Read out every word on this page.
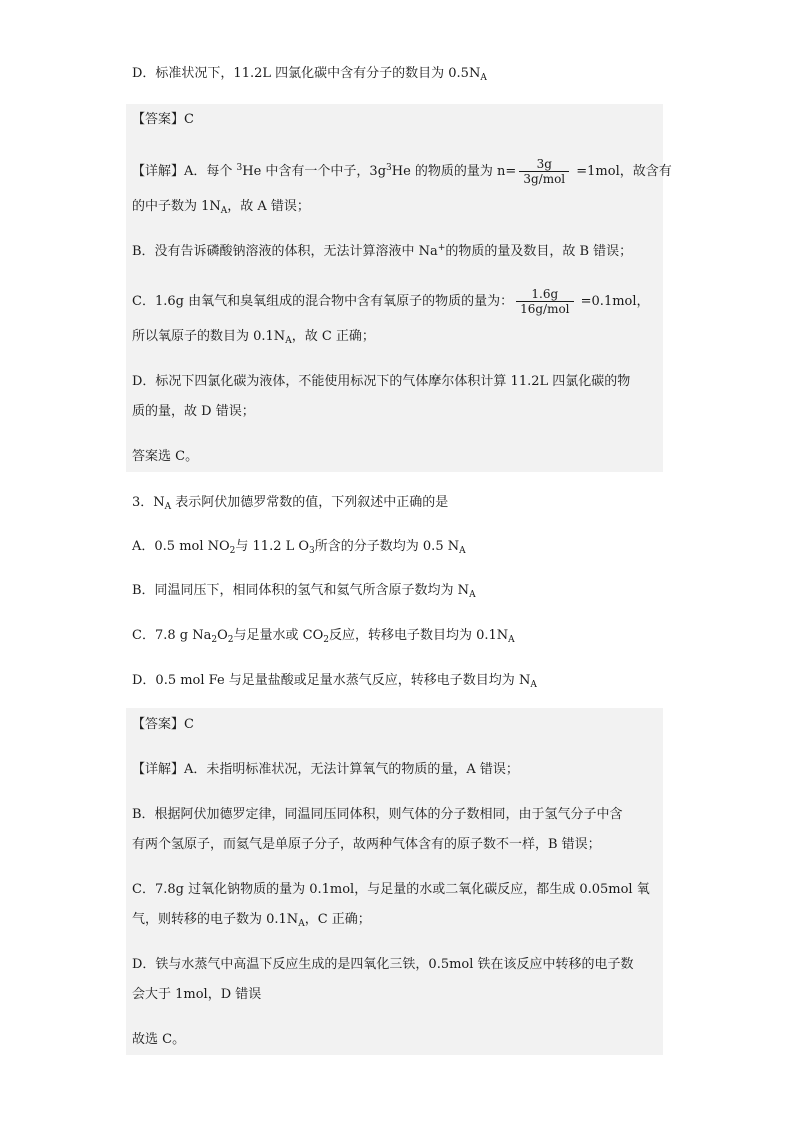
D．标准状况下，11.2L 四氯化碳中含有分子的数目为 $0.5N_A$
【答案】C
【详解】A．每个 $^3$He 中含有一个中子，$3g^3He$ 的物质的量为 $n= \frac{3g}{\text{3g/mol}} =1mol$，故含有
的中子数为 $1N_A$，故 A 错误；
B．没有告诉磷酸钠溶液的体积，无法计算溶液中 Na+的物质的量及数目，故 B 错误；
C．1.6g 由氧气和臭氧组成的混合物中含有氧原子的物质的量为： $\frac{1.6g}{\text{16g/mol}} =0.1mol$，
所以氧原子的数目为 $0.1N_A$，故 C 正确；
D．标况下四氯化碳为液体，不能使用标况下的气体摩尔体积计算 11.2L 四氯化碳的物
质的量，故 D 错误；
答案选 C。
3．$N_A$ 表示阿伏加德罗常数的值，下列叙述中正确的是
A．0.5 mol $NO_2$与 11.2 L $O_3$所含的分子数均为 0.5 $N_A$
B．同温同压下，相同体积的氢气和氦气所含原子数均为 $N_A$
C．7.8 g $Na_2O_2$与足量水或 $CO_2$反应，转移电子数目均为 $0.1N_A$
D．0.5 mol Fe 与足量盐酸或足量水蒸气反应，转移电子数目均为 $N_A$
【答案】C
【详解】A．未指明标准状况，无法计算氧气的物质的量，A 错误；
B．根据阿伏加德罗定律，同温同压同体积，则气体的分子数相同，由于氢气分子中含
有两个氢原子，而氦气是单原子分子，故两种气体含有的原子数不一样，B 错误；
C．7.8g 过氧化钠物质的量为 0.1mol，与足量的水或二氧化碳反应，都生成 0.05mol 氧
气，则转移的电子数为 $0.1N_A$，C 正确；
D．铁与水蒸气中高温下反应生成的是四氧化三铁，0.5mol 铁在该反应中转移的电子数
会大于 1mol，D 错误
故选 C。
